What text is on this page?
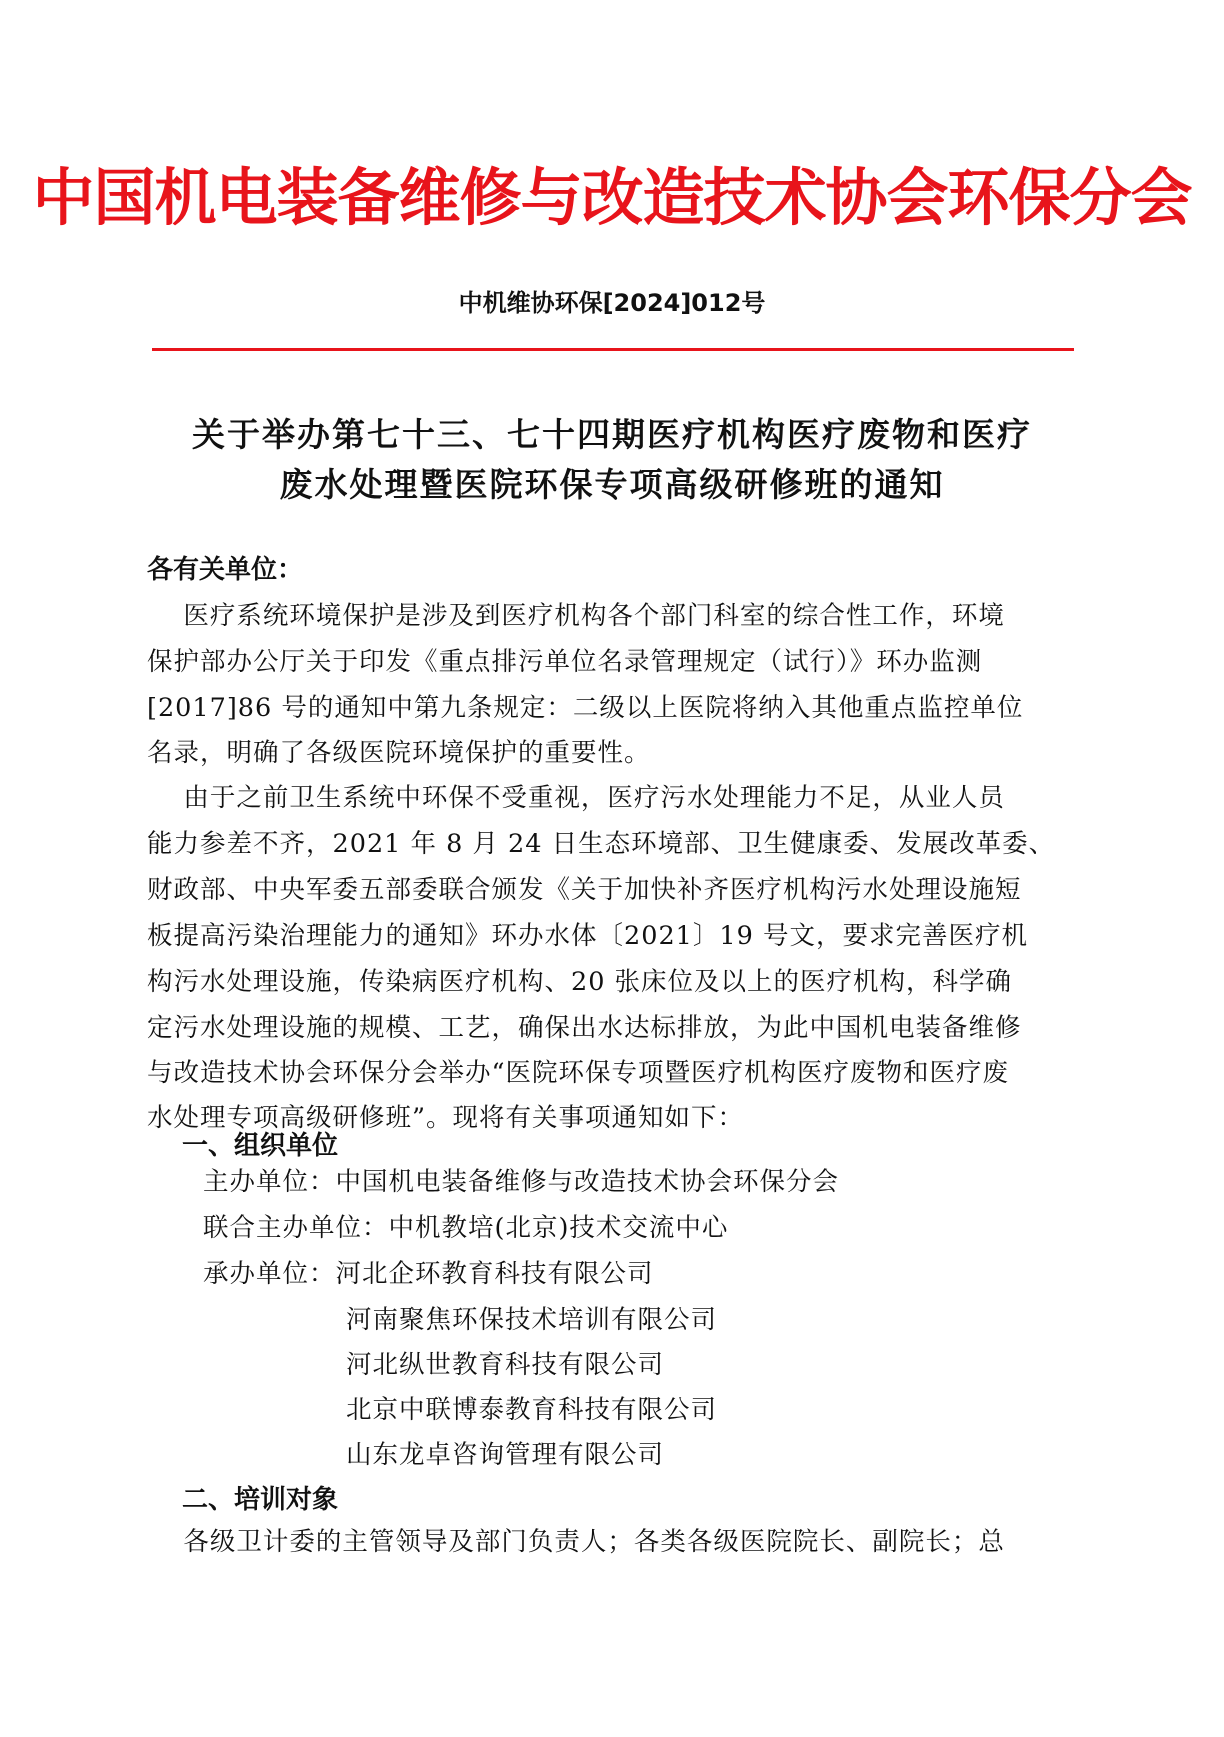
中国机电装备维修与改造技术协会环保分会
中机维协环保[2024]012号
关于举办第七十三、七十四期医疗机构医疗废物和医疗
废水处理暨医院环保专项高级研修班的通知
各有关单位：
医疗系统环境保护是涉及到医疗机构各个部门科室的综合性工作，环境
保护部办公厅关于印发《重点排污单位名录管理规定（试行）》环办监测
[2017]86 号的通知中第九条规定：二级以上医院将纳入其他重点监控单位
名录，明确了各级医院环境保护的重要性。
由于之前卫生系统中环保不受重视，医疗污水处理能力不足，从业人员
能力参差不齐，2021 年 8 月 24 日生态环境部、卫生健康委、发展改革委、
财政部、中央军委五部委联合颁发《关于加快补齐医疗机构污水处理设施短
板提高污染治理能力的通知》环办水体〔2021〕19 号文，要求完善医疗机
构污水处理设施，传染病医疗机构、20 张床位及以上的医疗机构，科学确
定污水处理设施的规模、工艺，确保出水达标排放，为此中国机电装备维修
与改造技术协会环保分会举办“医院环保专项暨医疗机构医疗废物和医疗废
水处理专项高级研修班”。现将有关事项通知如下：
一、组织单位
主办单位：中国机电装备维修与改造技术协会环保分会
联合主办单位：中机教培(北京)技术交流中心
承办单位：河北企环教育科技有限公司
河南聚焦环保技术培训有限公司
河北纵世教育科技有限公司
北京中联博泰教育科技有限公司
山东龙卓咨询管理有限公司
二、培训对象
各级卫计委的主管领导及部门负责人；各类各级医院院长、副院长；总
